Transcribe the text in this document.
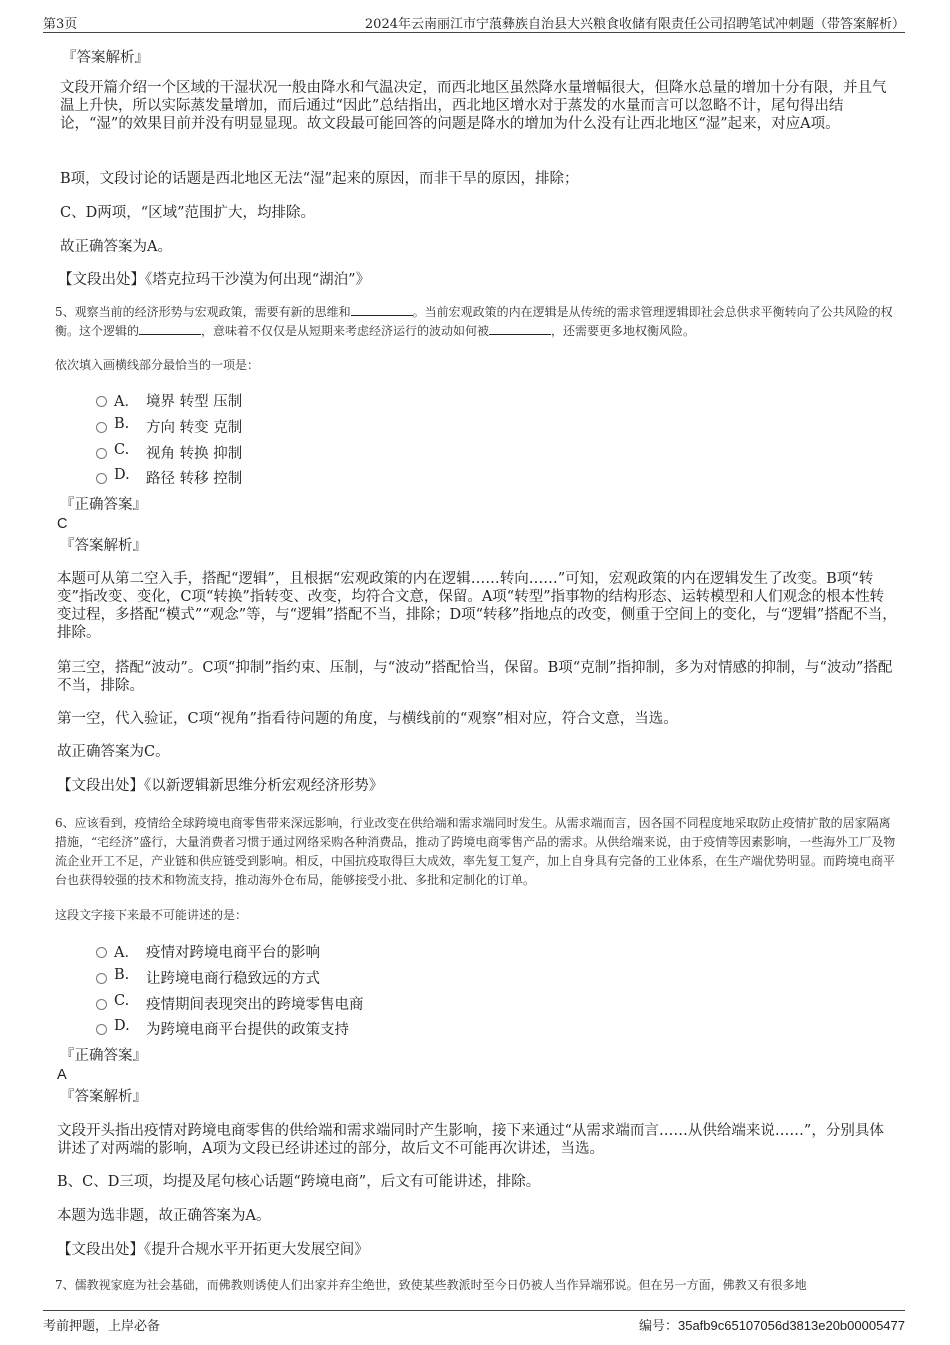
第3页	2024年云南丽江市宁蒗彝族自治县大兴粮食收储有限责任公司招聘笔试冲刺题（带答案解析）
『答案解析』
文段开篇介绍一个区域的干湿状况一般由降水和气温决定，而西北地区虽然降水量增幅很大，但降水总量的增加十分有限，并且气温上升快，所以实际蒸发量增加，而后通过“因此”总结指出，西北地区增水对于蒸发的水量而言可以忽略不计，尾句得出结论，“湿”的效果目前并没有明显显现。故文段最可能回答的问题是降水的增加为什么没有让西北地区“湿”起来，对应A项。
B项，文段讨论的话题是西北地区无法“湿”起来的原因，而非干旱的原因，排除；
C、D两项，“区域”范围扩大，均排除。
故正确答案为A。
【文段出处】《塔克拉玛干沙漠为何出现“湖泊”》
5、观察当前的经济形势与宏观政策，需要有新的思维和	。当前宏观政策的内在逻辑是从传统的需求管理逻辑即社会总供求平衡转向了公共风险的权衡。这个逻辑的	，意味着不仅仅是从短期来考虑经济运行的波动如何被	，还需要更多地权衡风险。
依次填入画横线部分最恰当的一项是：
A． 境界 转型 压制
B. 方向 转变 克制
C. 视角 转换 抑制
D. 路径 转移 控制
『正确答案』
C
『答案解析』
本题可从第二空入手，搭配“逻辑”，且根据“宏观政策的内在逻辑……转向……”可知，宏观政策的内在逻辑发生了改变。B项“转变”指改变、变化，C项“转换”指转变、改变，均符合文意，保留。A项“转型”指事物的结构形态、运转模型和人们观念的根本性转变过程，多搭配“模式”“观念”等，与“逻辑”搭配不当，排除；D项“转移”指地点的改变，侧重于空间上的变化，与“逻辑”搭配不当，排除。
第三空，搭配“波动”。C项“抑制”指约束、压制，与“波动”搭配恰当，保留。B项“克制”指抑制，多为对情感的抑制，与“波动”搭配不当，排除。
第一空，代入验证，C项“视角”指看待问题的角度，与横线前的“观察”相对应，符合文意，当选。
故正确答案为C。
【文段出处】《以新逻辑新思维分析宏观经济形势》
6、应该看到，疫情给全球跨境电商零售带来深远影响，行业改变在供给端和需求端同时发生。从需求端而言，因各国不同程度地采取防止疫情扩散的居家隔离措施，“宅经济”盛行，大量消费者习惯于通过网络采购各种消费品，推动了跨境电商零售产品的需求。从供给端来说，由于疫情等因素影响，一些海外工厂及物流企业开工不足，产业链和供应链受到影响。相反，中国抗疫取得巨大成效，率先复工复产，加上自身具有完备的工业体系，在生产端优势明显。而跨境电商平台也获得较强的技术和物流支持，推动海外仓布局，能够接受小批、多批和定制化的订单。
这段文字接下来最不可能讲述的是：
A． 疫情对跨境电商平台的影响
B. 让跨境电商行稳致远的方式
C. 疫情期间表现突出的跨境零售电商
D. 为跨境电商平台提供的政策支持
『正确答案』
A
『答案解析』
文段开头指出疫情对跨境电商零售的供给端和需求端同时产生影响，接下来通过“从需求端而言……从供给端来说……”，分别具体讲述了对两端的影响，A项为文段已经讲述过的部分，故后文不可能再次讲述，当选。
B、C、D三项，均提及尾句核心话题“跨境电商”，后文有可能讲述，排除。
本题为选非题，故正确答案为A。
【文段出处】《提升合规水平开拓更大发展空间》
7、儒教视家庭为社会基础，而佛教则诱使人们出家并弃尘绝世，致使某些教派时至今日仍被人当作异端邪说。但在另一方面，佛教又有很多地
考前押题，上岸必备	编号：35afb9c65107056d3813e20b00005477
